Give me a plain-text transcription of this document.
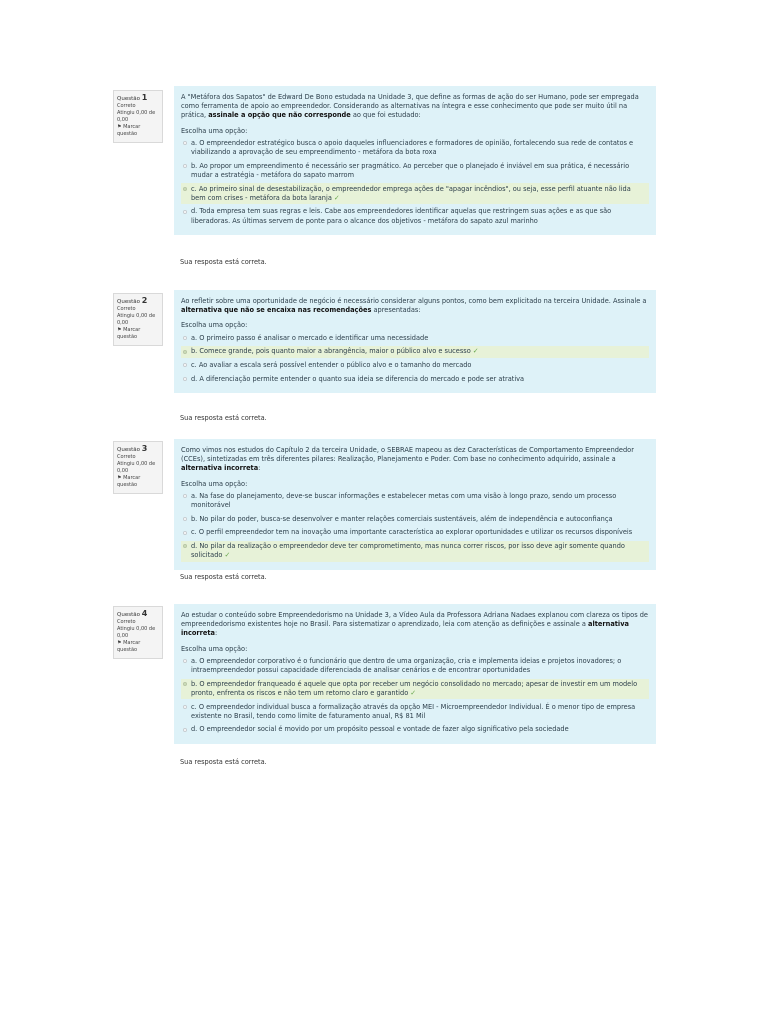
Questão 1
Correto
Atingiu 0,00 de 0,00
⚑ Marcar questão
A "Metáfora dos Sapatos" de Edward De Bono estudada na Unidade 3, que define as formas de ação do ser Humano, pode ser empregada como ferramenta de apoio ao empreendedor. Considerando as alternativas na íntegra e esse conhecimento que pode ser muito útil na prática, assinale a opção que não corresponde ao que foi estudado:
Escolha uma opção:
a. O empreendedor estratégico busca o apoio daqueles influenciadores e formadores de opinião, fortalecendo sua rede de contatos e viabilizando a aprovação de seu empreendimento - metáfora da bota roxa
b. Ao propor um empreendimento é necessário ser pragmático. Ao perceber que o planejado é inviável em sua prática, é necessário mudar a estratégia - metáfora do sapato marrom
c. Ao primeiro sinal de desestabilização, o empreendedor emprega ações de "apagar incêndios", ou seja, esse perfil atuante não lida bem com crises - metáfora da bota laranja ✓
d. Toda empresa tem suas regras e leis. Cabe aos empreendedores identificar aquelas que restringem suas ações e as que são liberadoras. As últimas servem de ponte para o alcance dos objetivos - metáfora do sapato azul marinho
Sua resposta está correta.
Questão 2
Correto
Atingiu 0,00 de 0,00
⚑ Marcar questão
Ao refletir sobre uma oportunidade de negócio é necessário considerar alguns pontos, como bem explicitado na terceira Unidade. Assinale a alternativa que não se encaixa nas recomendações apresentadas:
Escolha uma opção:
a. O primeiro passo é analisar o mercado e identificar uma necessidade
b. Comece grande, pois quanto maior a abrangência, maior o público alvo e sucesso ✓
c. Ao avaliar a escala será possível entender o público alvo e o tamanho do mercado
d. A diferenciação permite entender o quanto sua ideia se diferencia do mercado e pode ser atrativa
Sua resposta está correta.
Questão 3
Correto
Atingiu 0,00 de 0,00
⚑ Marcar questão
Como vimos nos estudos do Capítulo 2 da terceira Unidade, o SEBRAE mapeou as dez Características de Comportamento Empreendedor (CCEs), sintetizadas em três diferentes pilares: Realização, Planejamento e Poder. Com base no conhecimento adquirido, assinale a alternativa incorreta:
Escolha uma opção:
a. Na fase do planejamento, deve-se buscar informações e estabelecer metas com uma visão à longo prazo, sendo um processo monitorável
b. No pilar do poder, busca-se desenvolver e manter relações comerciais sustentáveis, além de independência e autoconfiança
c. O perfil empreendedor tem na inovação uma importante característica ao explorar oportunidades e utilizar os recursos disponíveis
d. No pilar da realização o empreendedor deve ter comprometimento, mas nunca correr riscos, por isso deve agir somente quando solicitado ✓
Sua resposta está correta.
Questão 4
Correto
Atingiu 0,00 de 0,00
⚑ Marcar questão
Ao estudar o conteúdo sobre Empreendedorismo na Unidade 3, a Vídeo Aula da Professora Adriana Nadaes explanou com clareza os tipos de empreendedorismo existentes hoje no Brasil. Para sistematizar o aprendizado, leia com atenção as definições e assinale a alternativa incorreta:
Escolha uma opção:
a. O empreendedor corporativo é o funcionário que dentro de uma organização, cria e implementa ideias e projetos inovadores; o intraempreendedor possui capacidade diferenciada de analisar cenários e de encontrar oportunidades
b. O empreendedor franqueado é aquele que opta por receber um negócio consolidado no mercado; apesar de investir em um modelo pronto, enfrenta os riscos e não tem um retorno claro e garantido ✓
c. O empreendedor individual busca a formalização através da opção MEI - Microempreendedor Individual. É o menor tipo de empresa existente no Brasil, tendo como limite de faturamento anual, R$ 81 Mil
d. O empreendedor social é movido por um propósito pessoal e vontade de fazer algo significativo pela sociedade
Sua resposta está correta.
